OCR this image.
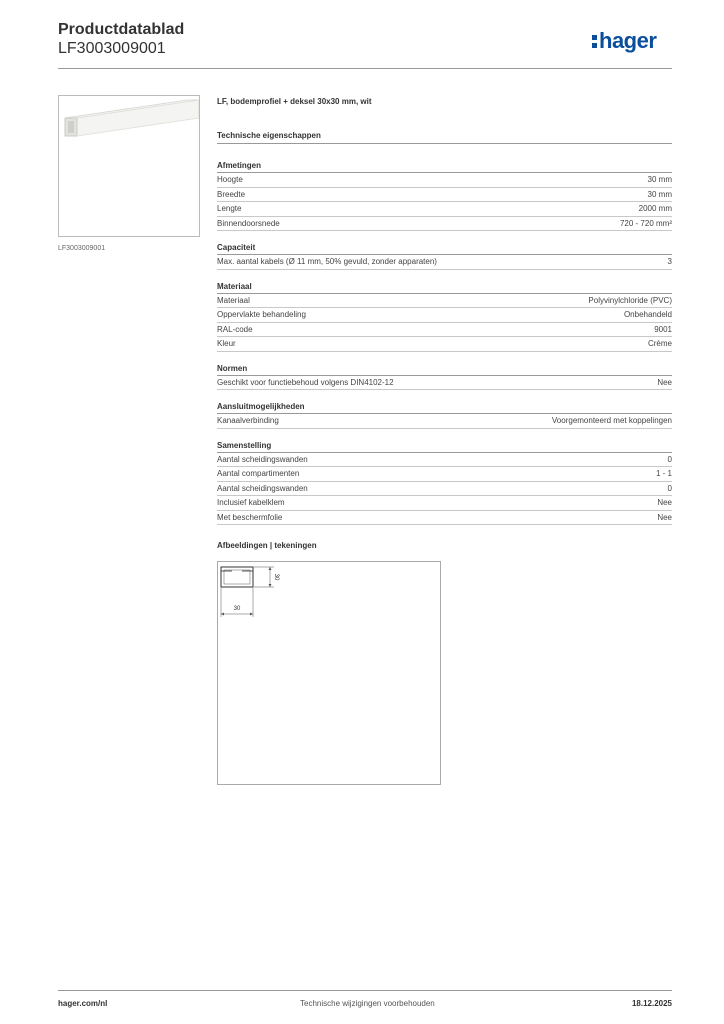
Productdatablad
LF3003009001	hager
LF3003009001
LF, bodemprofiel + deksel 30x30 mm, wit
Technische eigenschappen
Afmetingen
Hoogte	30 mm
Breedte	30 mm
Lengte	2000 mm
Binnendoorsnede	720 - 720 mm²
Capaciteit
Max. aantal kabels (Ø 11 mm, 50% gevuld, zonder apparaten)	3
Materiaal
Materiaal	Polyvinylchloride (PVC)
Oppervlakte behandeling	Onbehandeld
RAL-code	9001
Kleur	Crème
Normen
Geschikt voor functiebehoud volgens DIN4102-12	Nee
Aansluitmogelijkheden
Kanaalverbinding	Voorgemonteerd met koppelingen
Samenstelling
Aantal scheidingswanden	0
Aantal compartimenten	1 - 1
Aantal scheidingswanden	0
Inclusief kabelklem	Nee
Met beschermfolie	Nee
Afbeeldingen | tekeningen
30
30
hager.com/nl	Technische wijzigingen voorbehouden	18.12.2025
